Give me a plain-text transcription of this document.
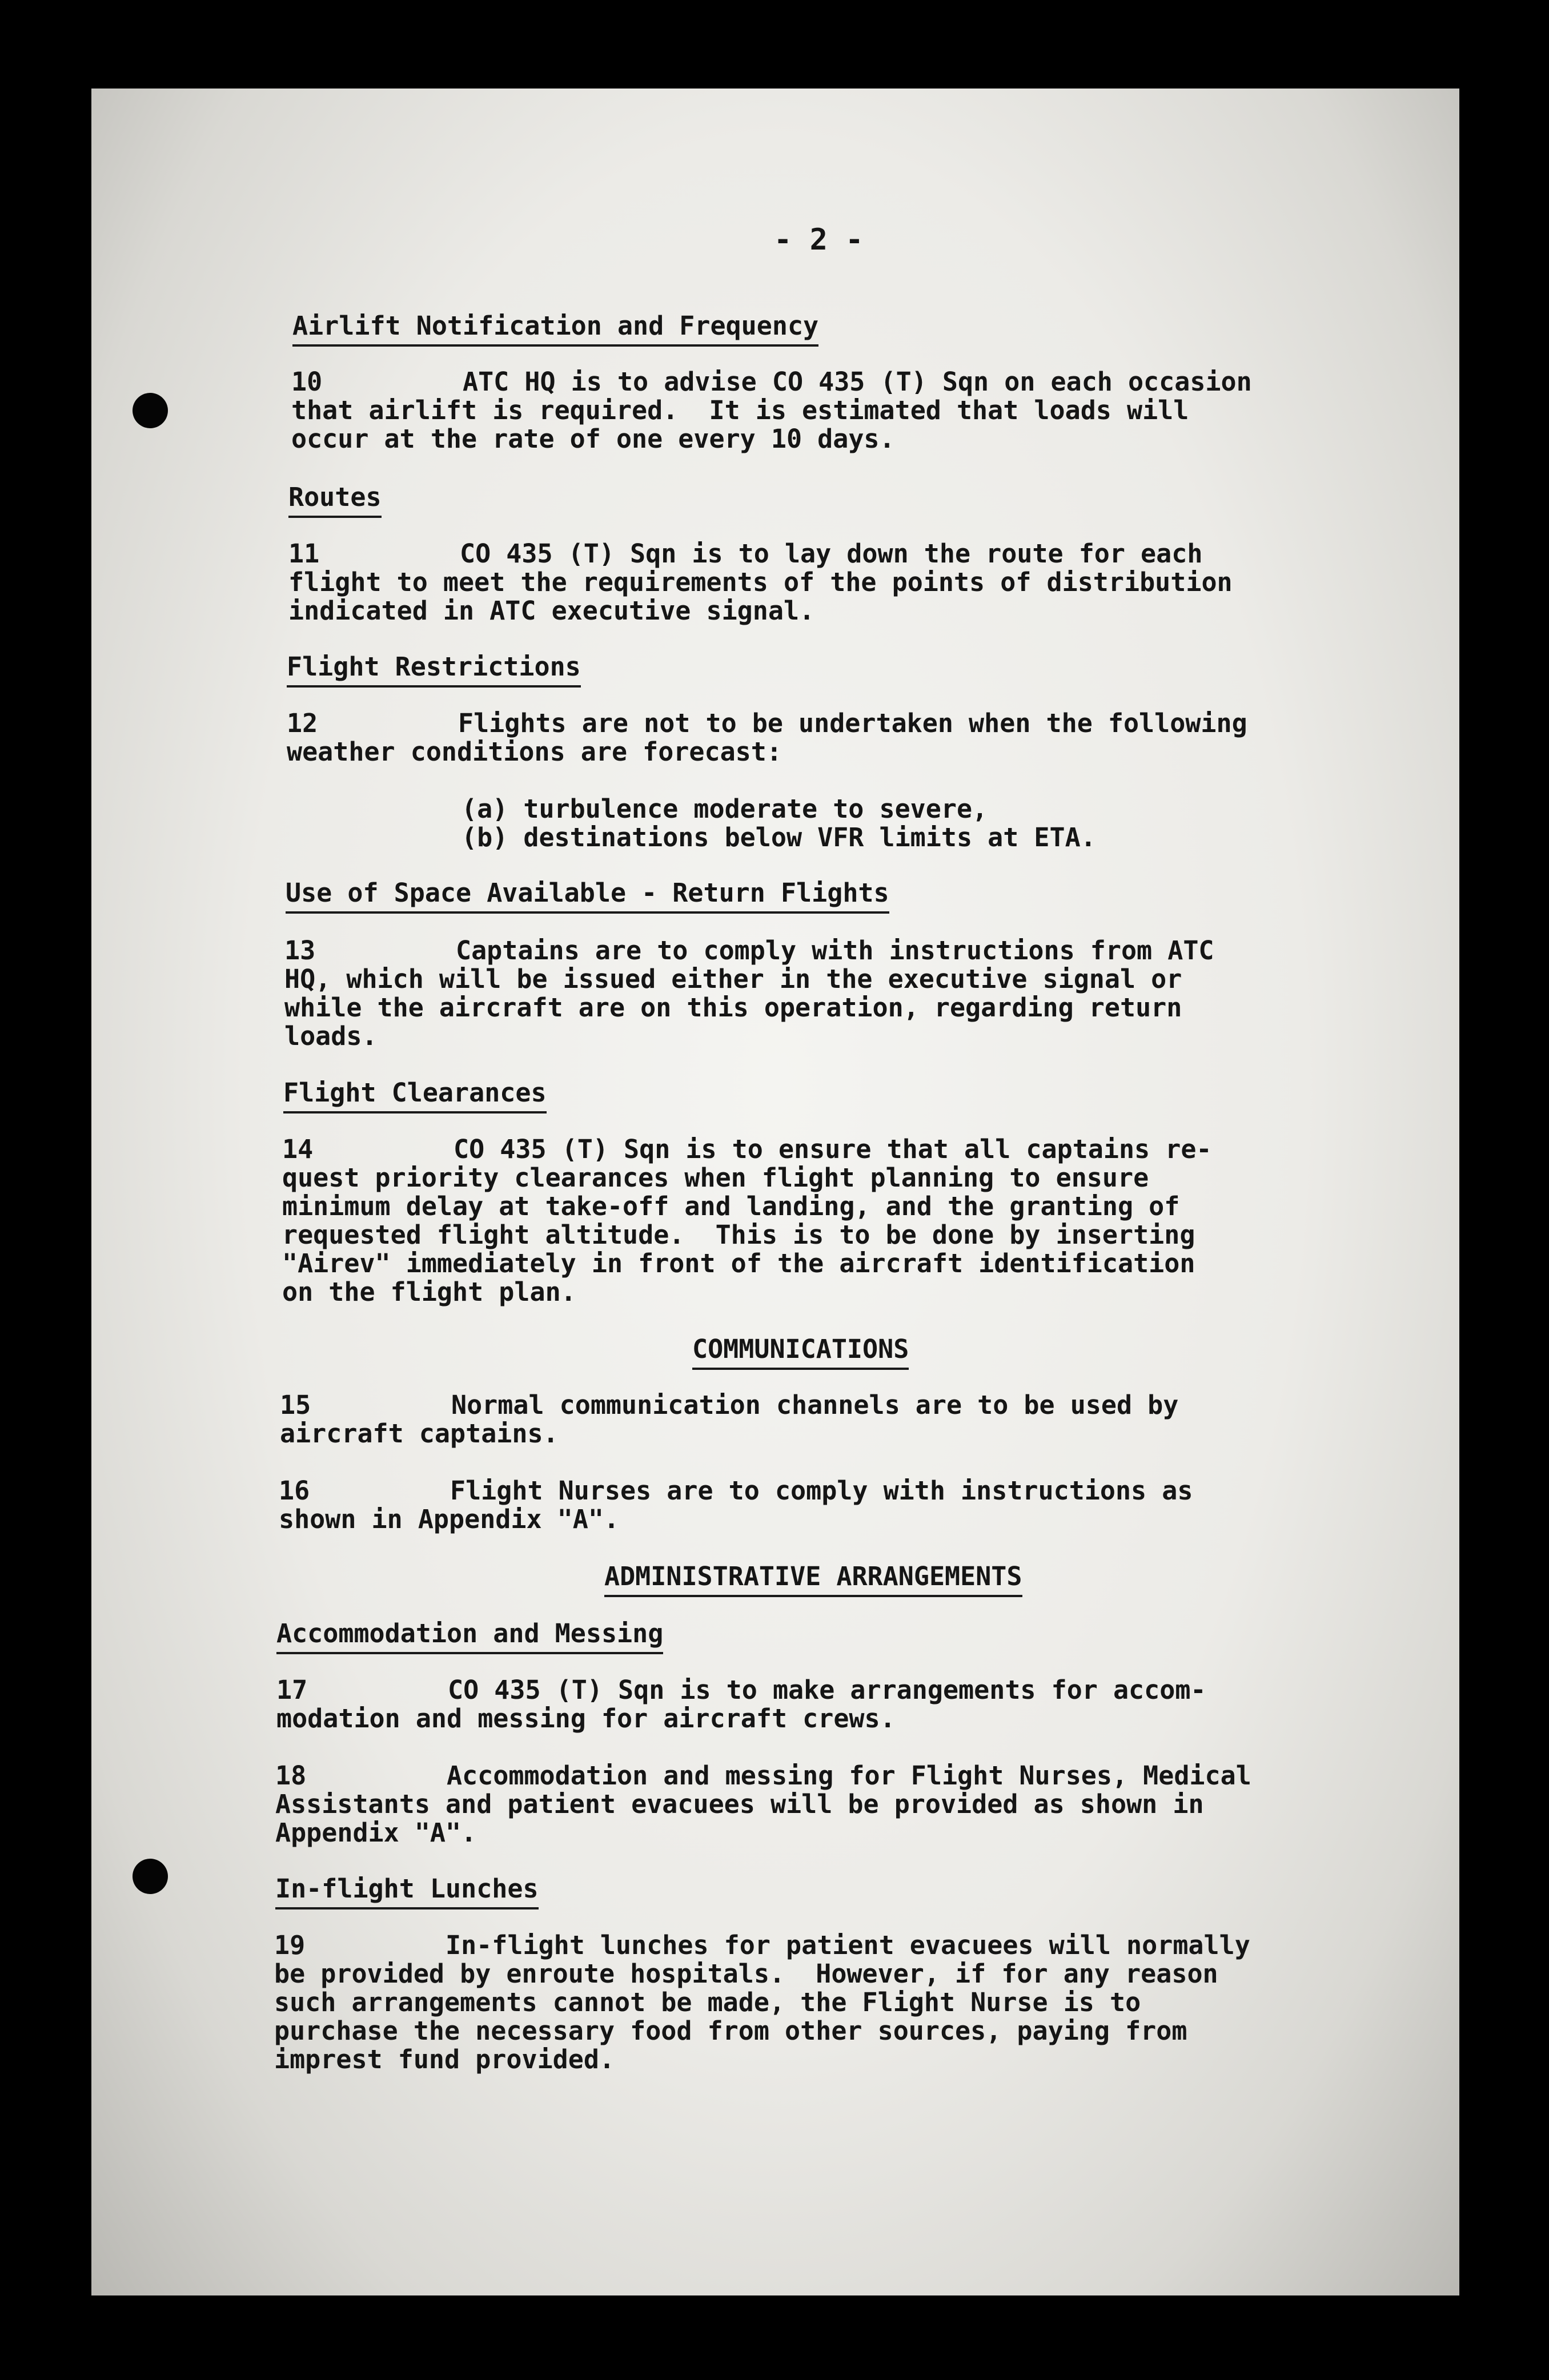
- 2 -
Airlift Notification and Frequency
10	ATC HQ is to advise CO 435 (T) Sqn on each occasion
that airlift is required.  It is estimated that loads will
occur at the rate of one every 10 days.
Routes
11	CO 435 (T) Sqn is to lay down the route for each
flight to meet the requirements of the points of distribution
indicated in ATC executive signal.
Flight Restrictions
12	Flights are not to be undertaken when the following
weather conditions are forecast:
(a) turbulence moderate to severe,
(b) destinations below VFR limits at ETA.
Use of Space Available - Return Flights
13	Captains are to comply with instructions from ATC
HQ, which will be issued either in the executive signal or
while the aircraft are on this operation, regarding return
loads.
Flight Clearances
14	CO 435 (T) Sqn is to ensure that all captains re-
quest priority clearances when flight planning to ensure
minimum delay at take-off and landing, and the granting of
requested flight altitude.  This is to be done by inserting
"Airev" immediately in front of the aircraft identification
on the flight plan.
COMMUNICATIONS
15	Normal communication channels are to be used by
aircraft captains.
16	Flight Nurses are to comply with instructions as
shown in Appendix "A".
ADMINISTRATIVE ARRANGEMENTS
Accommodation and Messing
17	CO 435 (T) Sqn is to make arrangements for accom-
modation and messing for aircraft crews.
18	Accommodation and messing for Flight Nurses, Medical
Assistants and patient evacuees will be provided as shown in
Appendix "A".
In-flight Lunches
19	In-flight lunches for patient evacuees will normally
be provided by enroute hospitals.  However, if for any reason
such arrangements cannot be made, the Flight Nurse is to
purchase the necessary food from other sources, paying from
imprest fund provided.
